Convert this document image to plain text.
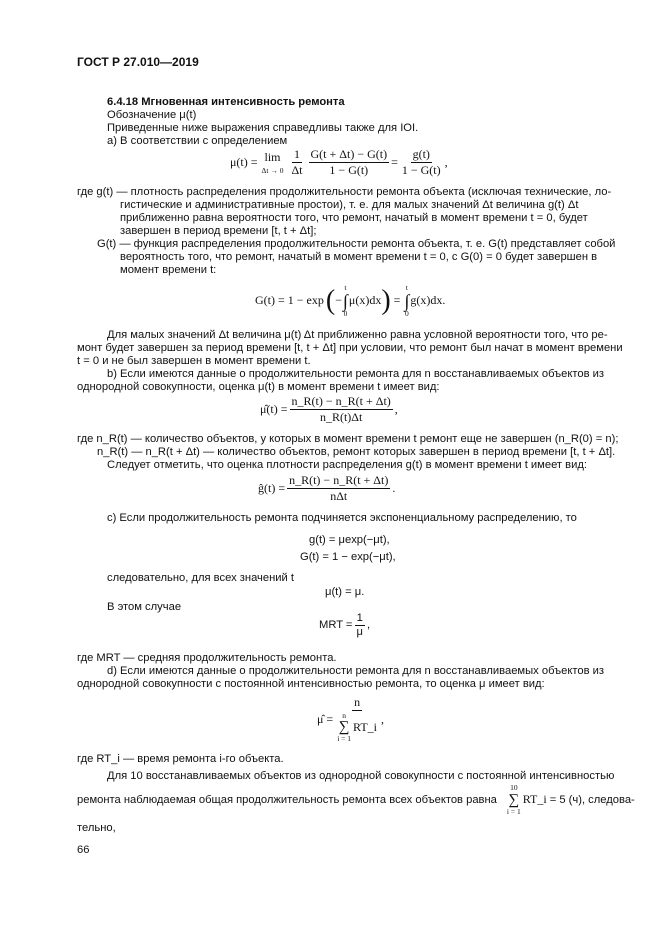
ГОСТ Р 27.010—2019
6.4.18 Мгновенная интенсивность ремонта
Обозначение μ(t)
Приведенные ниже выражения справедливы также для IOI.
a) В соответствии с определением
μ(t) = lim
$\Delta t \to 0 \frac{1}{\Delta t} \frac{G(t + \Delta t) - G(t)}{1 - G(t)} = \frac{g(t)}{1 - G(t)}$ ,
где g(t) — плотность распределения продолжительности ремонта объекта (исключая технические, ло-
гистические и административные простои), т. е. для малых значений Δt величина g(t) Δt
приближенно равна вероятности того, что ремонт, начатый в момент времени t = 0, будет
завершен в период времени [t, t + Δt];
G(t) — функция распределения продолжительности ремонта объекта, т. е. G(t) представляет собой
вероятность того, что ремонт, начатый в момент времени t = 0, с G(0) = 0 будет завершен в
момент времени t:
G(t) = 1 − exp ( −
t
∫
0
μ(x)dx ) =
t
∫
0
g(x)dx.
Для малых значений Δt величина μ(t) Δt приближенно равна условной вероятности того, что ре-
монт будет завершен за период времени [t, t + Δt] при условии, что ремонт был начат в момент времени
t = 0 и не был завершен в момент времени t.
b) Если имеются данные о продолжительности ремонта для n восстанавливаемых объектов из
однородной совокупности, оценка μ(t) в момент времени t имеет вид:
μ̂(t) = $\frac{n\_R(t) - n\_R(t + \Delta t)}{n\_R(t)\Delta t}$ ,
где n_R(t) — количество объектов, у которых в момент времени t ремонт еще не завершен (n_R(0) = n);
n_R(t) — n_R(t + Δt) — количество объектов, ремонт которых завершен в период времени [t, t + Δt].
Следует отметить, что оценка плотности распределения g(t) в момент времени t имеет вид:
ĝ(t) = $\frac{n\_R(t) - n\_R(t + \Delta t)}{\text{nΔt}}$ .
c) Если продолжительность ремонта подчиняется экспоненциальному распределению, то
g(t) = μexp(−μt),
G(t) = 1 − exp(−μt),
следовательно, для всех значений t
μ(t) = μ.
В этом случае
MRT = $\frac{1}{\mu}$ ,
где MRT — средняя продолжительность ремонта.
d) Если имеются данные о продолжительности ремонта для n восстанавливаемых объектов из
однородной совокупности с постоянной интенсивностью ремонта, то оценка μ имеет вид:
μ̂ = n
n
∑
i = 1
RT_i ,
где RT_i — время ремонта i-го объекта.
Для 10 восстанавливаемых объектов из однородной совокупности с постоянной интенсивностью
ремонта наблюдаемая общая продолжительность ремонта всех объектов равна
10
∑
i = 1
RT_i = 5 (ч), следова-
тельно,
66
